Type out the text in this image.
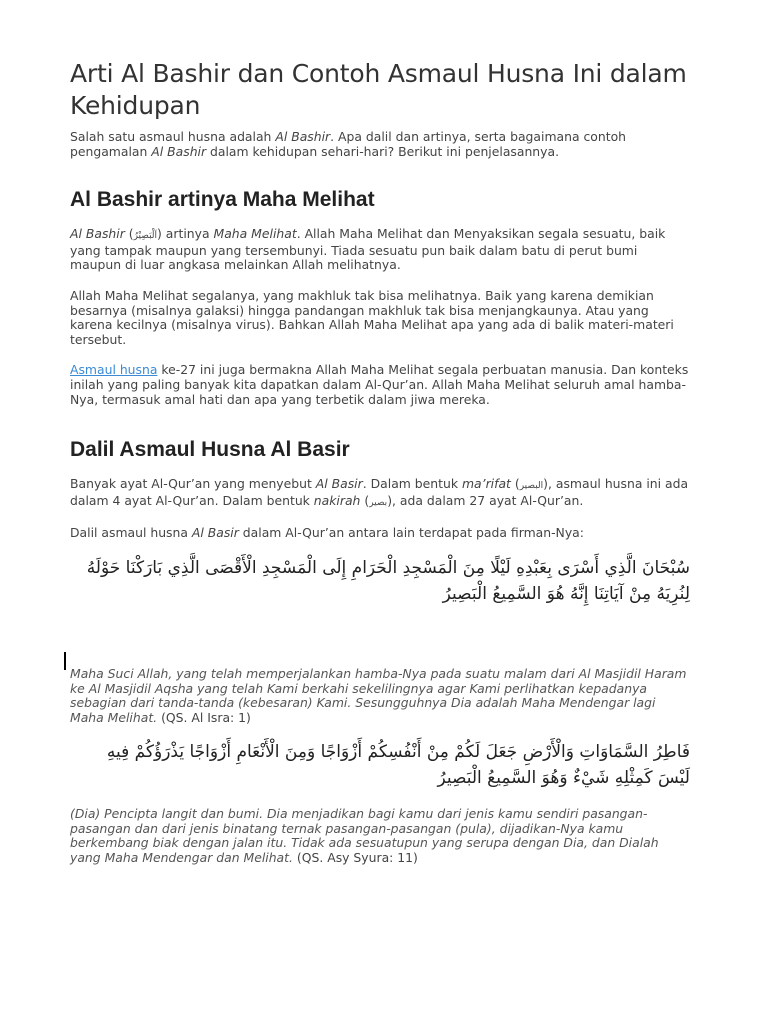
Arti Al Bashir dan Contoh Asmaul Husna Ini dalam Kehidupan

Salah satu asmaul husna adalah Al Bashir. Apa dalil dan artinya, serta bagaimana contoh pengamalan Al Bashir dalam kehidupan sehari-hari? Berikut ini penjelasannya.

Al Bashir artinya Maha Melihat

Al Bashir (اَلْبَصِيْرُ) artinya Maha Melihat. Allah Maha Melihat dan Menyaksikan segala sesuatu, baik yang tampak maupun yang tersembunyi. Tiada sesuatu pun baik dalam batu di perut bumi maupun di luar angkasa melainkan Allah melihatnya.

Allah Maha Melihat segalanya, yang makhluk tak bisa melihatnya. Baik yang karena demikian besarnya (misalnya galaksi) hingga pandangan makhluk tak bisa menjangkaunya. Atau yang karena kecilnya (misalnya virus). Bahkan Allah Maha Melihat apa yang ada di balik materi-materi tersebut.

Asmaul husna ke-27 ini juga bermakna Allah Maha Melihat segala perbuatan manusia. Dan konteks inilah yang paling banyak kita dapatkan dalam Al-Qur’an. Allah Maha Melihat seluruh amal hamba-Nya, termasuk amal hati dan apa yang terbetik dalam jiwa mereka.

Dalil Asmaul Husna Al Basir

Banyak ayat Al-Qur’an yang menyebut Al Basir. Dalam bentuk ma’rifat (البصير), asmaul husna ini ada dalam 4 ayat Al-Qur’an. Dalam bentuk nakirah (بصير), ada dalam 27 ayat Al-Qur’an.

Dalil asmaul husna Al Basir dalam Al-Qur’an antara lain terdapat pada firman-Nya:

سُبْحَانَ الَّذِي أَسْرَى بِعَبْدِهِ لَيْلًا مِنَ الْمَسْجِدِ الْحَرَامِ إِلَى الْمَسْجِدِ الْأَقْصَى الَّذِي بَارَكْنَا حَوْلَهُ لِنُرِيَهُ مِنْ آيَاتِنَا إِنَّهُ هُوَ السَّمِيعُ الْبَصِيرُ

Maha Suci Allah, yang telah memperjalankan hamba-Nya pada suatu malam dari Al Masjidil Haram ke Al Masjidil Aqsha yang telah Kami berkahi sekelilingnya agar Kami perlihatkan kepadanya sebagian dari tanda-tanda (kebesaran) Kami. Sesungguhnya Dia adalah Maha Mendengar lagi Maha Melihat. (QS. Al Isra: 1)

فَاطِرُ السَّمَاوَاتِ وَالْأَرْضِ جَعَلَ لَكُمْ مِنْ أَنْفُسِكُمْ أَزْوَاجًا وَمِنَ الْأَنْعَامِ أَزْوَاجًا يَذْرَؤُكُمْ فِيهِ لَيْسَ كَمِثْلِهِ شَيْءٌ وَهُوَ السَّمِيعُ الْبَصِيرُ

(Dia) Pencipta langit dan bumi. Dia menjadikan bagi kamu dari jenis kamu sendiri pasangan-pasangan dan dari jenis binatang ternak pasangan-pasangan (pula), dijadikan-Nya kamu berkembang biak dengan jalan itu. Tidak ada sesuatupun yang serupa dengan Dia, dan Dialah yang Maha Mendengar dan Melihat. (QS. Asy Syura: 11)
